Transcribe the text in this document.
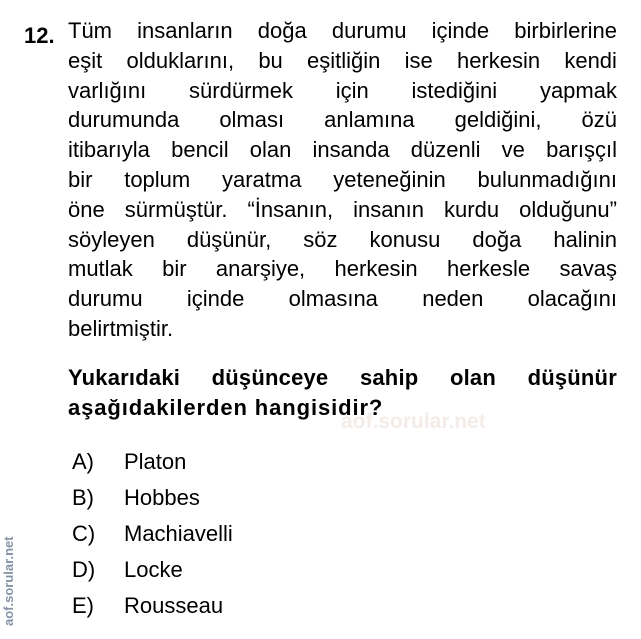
12. Tüm insanların doğa durumu içinde birbirlerine
eşit olduklarını, bu eşitliğin ise herkesin kendi
varlığını sürdürmek için istediğini yapmak
durumunda olması anlamına geldiğini, özü
itibarıyla bencil olan insanda düzenli ve barışçıl
bir toplum yaratma yeteneğinin bulunmadığını
öne sürmüştür. “İnsanın, insanın kurdu olduğunu”
söyleyen düşünür, söz konusu doğa halinin
mutlak bir anarşiye, herkesin herkesle savaş
durumu içinde olmasına neden olacağını
belirtmiştir.
aof.sorular.net
Yukarıdaki düşünceye sahip olan düşünür
aşağıdakilerden hangisidir?
A)	Platon
B)	Hobbes
C)	Machiavelli
D)	Locke
E)	Rousseau
aof.sorular.net
